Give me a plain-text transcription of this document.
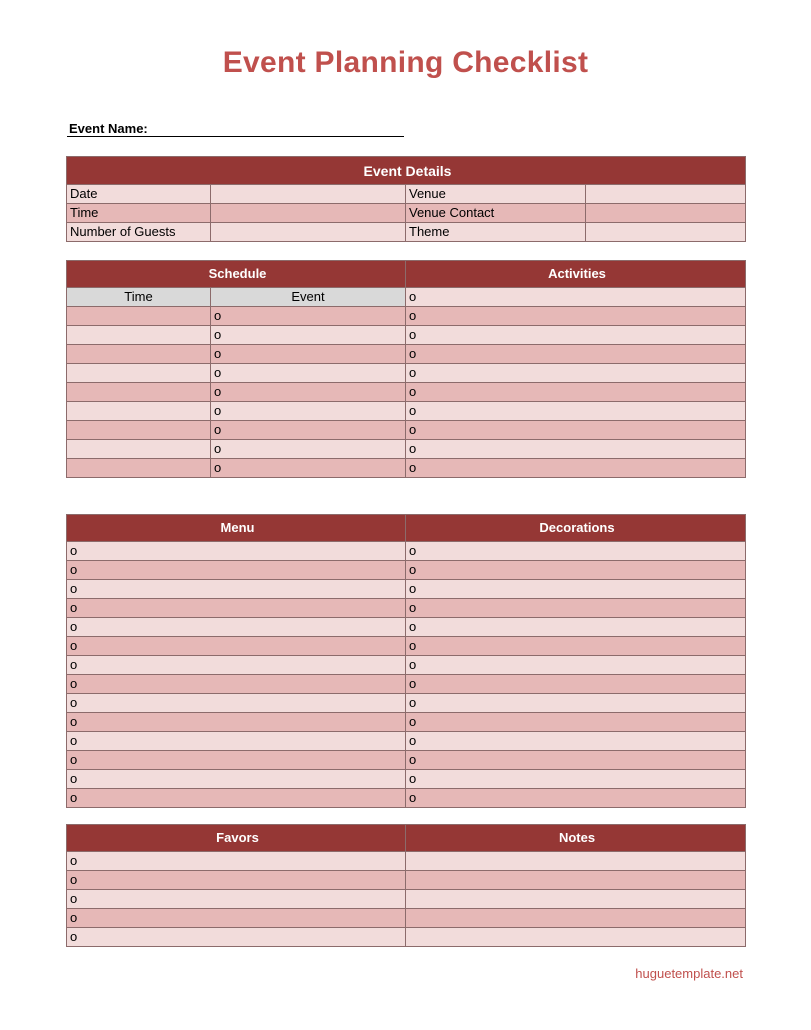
Event Planning Checklist
Event Name:
Event Details			
Date		Venue	
Time		Venue Contact	
Number of Guests		Theme	
Schedule		Activities
Time	Event	o
	o	o
	o	o
	o	o
	o	o
	o	o
	o	o
	o	o
	o	o
	o	o
Menu	Decorations
o	o
o	o
o	o
o	o
o	o
o	o
o	o
o	o
o	o
o	o
o	o
o	o
o	o
o	o
Favors	Notes
o	
o	
o	
o	
o	
huguetemplate.net
